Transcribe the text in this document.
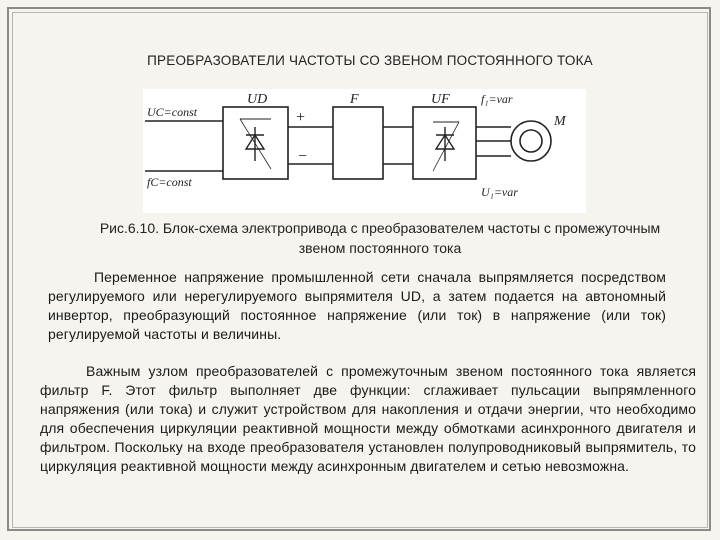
ПРЕОБРАЗОВАТЕЛИ ЧАСТОТЫ СО ЗВЕНОМ ПОСТОЯННОГО ТОКА
UC=const
fC=const
UD	F	UF	f₁=var
M
U₁=var
+
−
Рис.6.10. Блок-схема электропривода с преобразователем частоты с промежуточным звеном постоянного тока
Переменное напряжение промышленной сети сначала выпрямляется посредством регулируемого или нерегулируемого выпрямителя UD, а затем подается на автономный инвертор, преобразующий постоянное напряжение (или ток) в напряжение (или ток) регулируемой частоты и величины.
Важным узлом преобразователей с промежуточным звеном постоянного тока является фильтр F. Этот фильтр выполняет две функции: сглаживает пульсации выпрямленного напряжения (или тока) и служит устройством для накопления и отдачи энергии, что необходимо для обеспечения циркуляции реактивной мощности между обмотками асинхронного двигателя и фильтром. Поскольку на входе преобразователя установлен полупроводниковый выпрямитель, то циркуляция реактивной мощности между асинхронным двигателем и сетью невозможна.
